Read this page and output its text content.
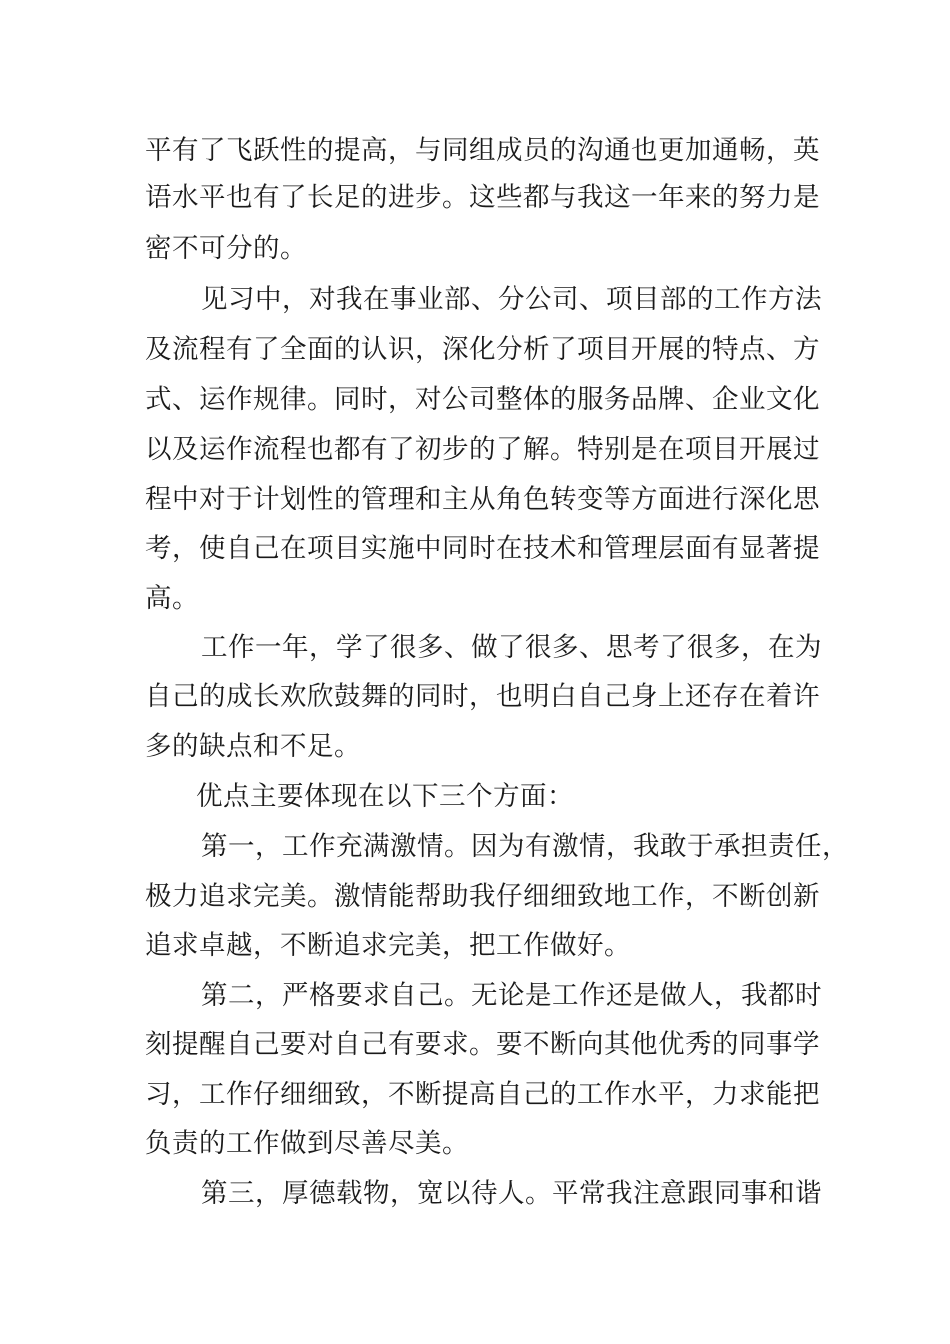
平有了飞跃性的提高，与同组成员的沟通也更加通畅，英
语水平也有了长足的进步。这些都与我这一年来的努力是
密不可分的。
见习中，对我在事业部、分公司、项目部的工作方法
及流程有了全面的认识，深化分析了项目开展的特点、方
式、运作规律。同时，对公司整体的服务品牌、企业文化
以及运作流程也都有了初步的了解。特别是在项目开展过
程中对于计划性的管理和主从角色转变等方面进行深化思
考，使自己在项目实施中同时在技术和管理层面有显著提
高。
工作一年，学了很多、做了很多、思考了很多，在为
自己的成长欢欣鼓舞的同时，也明白自己身上还存在着许
多的缺点和不足。
优点主要体现在以下三个方面：
第一，工作充满激情。因为有激情，我敢于承担责任，
极力追求完美。激情能帮助我仔细细致地工作，不断创新
追求卓越，不断追求完美，把工作做好。
第二，严格要求自己。无论是工作还是做人，我都时
刻提醒自己要对自己有要求。要不断向其他优秀的同事学
习，工作仔细细致，不断提高自己的工作水平，力求能把
负责的工作做到尽善尽美。
第三，厚德载物，宽以待人。平常我注意跟同事和谐
